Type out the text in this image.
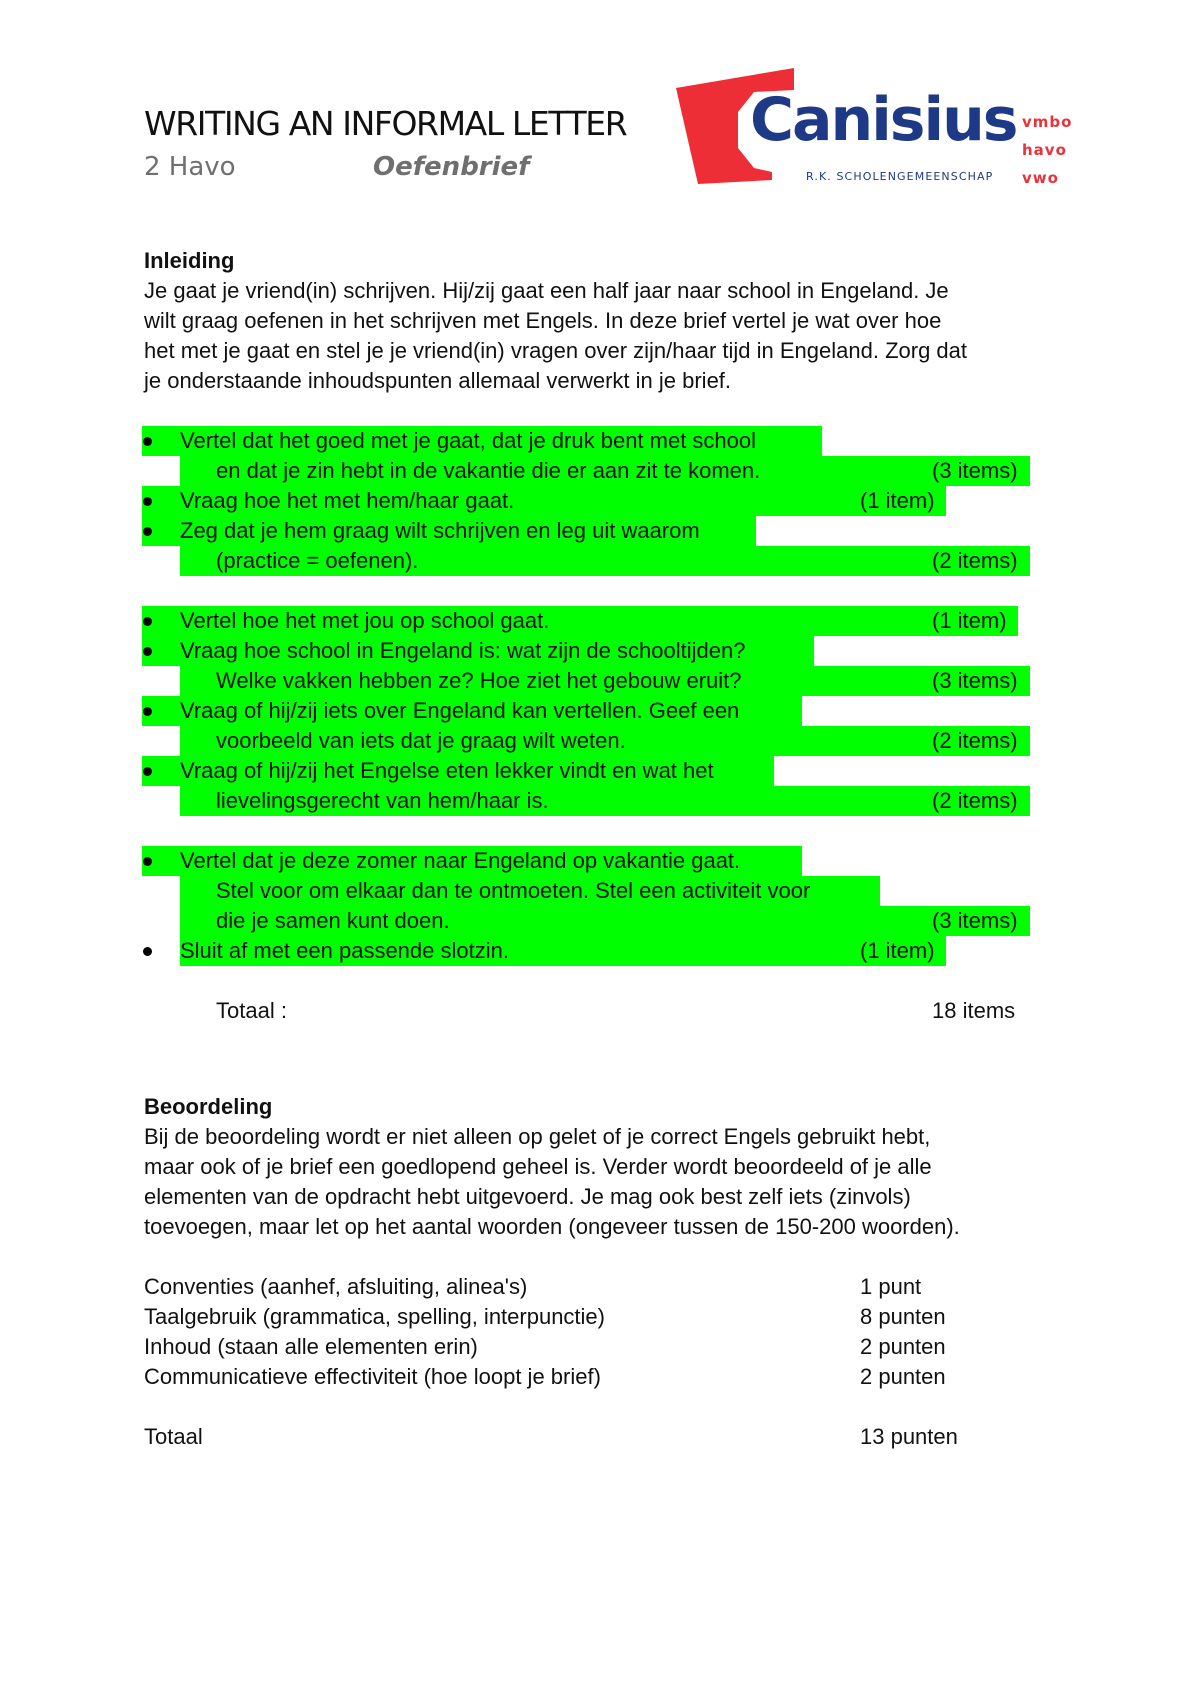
WRITING AN INFORMAL LETTER
2 Havo	Oefenbrief
Canisius
R.K. SCHOLENGEMEENSCHAP
vmbo
havo
vwo
Inleiding
Je gaat je vriend(in) schrijven. Hij/zij gaat een half jaar naar school in Engeland. Je
wilt graag oefenen in het schrijven met Engels. In deze brief vertel je wat over hoe
het met je gaat en stel je je vriend(in) vragen over zijn/haar tijd in Engeland. Zorg dat
je onderstaande inhoudspunten allemaal verwerkt in je brief.
Vertel dat het goed met je gaat, dat je druk bent met school
en dat je zin hebt in de vakantie die er aan zit te komen.	(3 items)
Vraag hoe het met hem/haar gaat.	(1 item)
Zeg dat je hem graag wilt schrijven en leg uit waarom
(practice = oefenen).	(2 items)
Vertel hoe het met jou op school gaat.	(1 item)
Vraag hoe school in Engeland is: wat zijn de schooltijden?
Welke vakken hebben ze? Hoe ziet het gebouw eruit?	(3 items)
Vraag of hij/zij iets over Engeland kan vertellen. Geef een
voorbeeld van iets dat je graag wilt weten.	(2 items)
Vraag of hij/zij het Engelse eten lekker vindt en wat het
lievelingsgerecht van hem/haar is.	(2 items)
Vertel dat je deze zomer naar Engeland op vakantie gaat.
Stel voor om elkaar dan te ontmoeten. Stel een activiteit voor
die je samen kunt doen.	(3 items)
Sluit af met een passende slotzin.	(1 item)
Totaal :	18 items
Beoordeling
Bij de beoordeling wordt er niet alleen op gelet of je correct Engels gebruikt hebt,
maar ook of je brief een goedlopend geheel is. Verder wordt beoordeeld of je alle
elementen van de opdracht hebt uitgevoerd. Je mag ook best zelf iets (zinvols)
toevoegen, maar let op het aantal woorden (ongeveer tussen de 150-200 woorden).
Conventies (aanhef, afsluiting, alinea's)	1 punt
Taalgebruik (grammatica, spelling, interpunctie)	8 punten
Inhoud (staan alle elementen erin)	2 punten
Communicatieve effectiviteit (hoe loopt je brief)	2 punten
Totaal	13 punten
